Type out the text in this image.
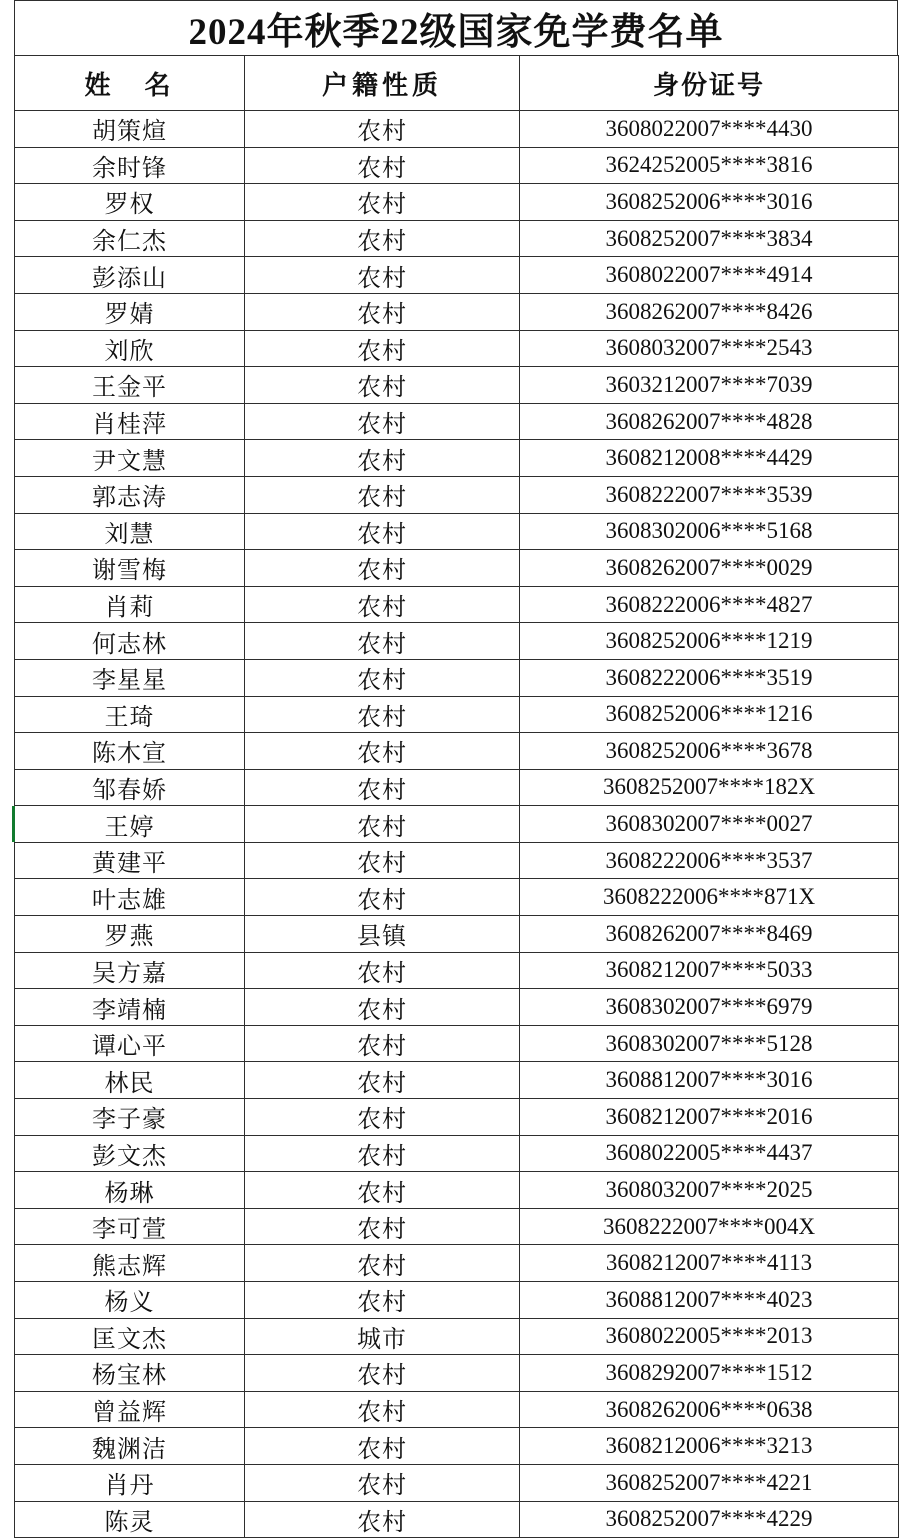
2024年秋季22级国家免学费名单
姓　名	户籍性质	身份证号
胡策煊	农村	3608022007****4430
余时锋	农村	3624252005****3816
罗权	农村	3608252006****3016
余仁杰	农村	3608252007****3834
彭添山	农村	3608022007****4914
罗婧	农村	3608262007****8426
刘欣	农村	3608032007****2543
王金平	农村	3603212007****7039
肖桂萍	农村	3608262007****4828
尹文慧	农村	3608212008****4429
郭志涛	农村	3608222007****3539
刘慧	农村	3608302006****5168
谢雪梅	农村	3608262007****0029
肖莉	农村	3608222006****4827
何志林	农村	3608252006****1219
李星星	农村	3608222006****3519
王琦	农村	3608252006****1216
陈木宣	农村	3608252006****3678
邹春娇	农村	3608252007****182X
王婷	农村	3608302007****0027
黄建平	农村	3608222006****3537
叶志雄	农村	3608222006****871X
罗燕	县镇	3608262007****8469
吴方嘉	农村	3608212007****5033
李靖楠	农村	3608302007****6979
谭心平	农村	3608302007****5128
林民	农村	3608812007****3016
李子豪	农村	3608212007****2016
彭文杰	农村	3608022005****4437
杨琳	农村	3608032007****2025
李可萱	农村	3608222007****004X
熊志辉	农村	3608212007****4113
杨义	农村	3608812007****4023
匡文杰	城市	3608022005****2013
杨宝林	农村	3608292007****1512
曾益辉	农村	3608262006****0638
魏渊洁	农村	3608212006****3213
肖丹	农村	3608252007****4221
陈灵	农村	3608252007****4229
